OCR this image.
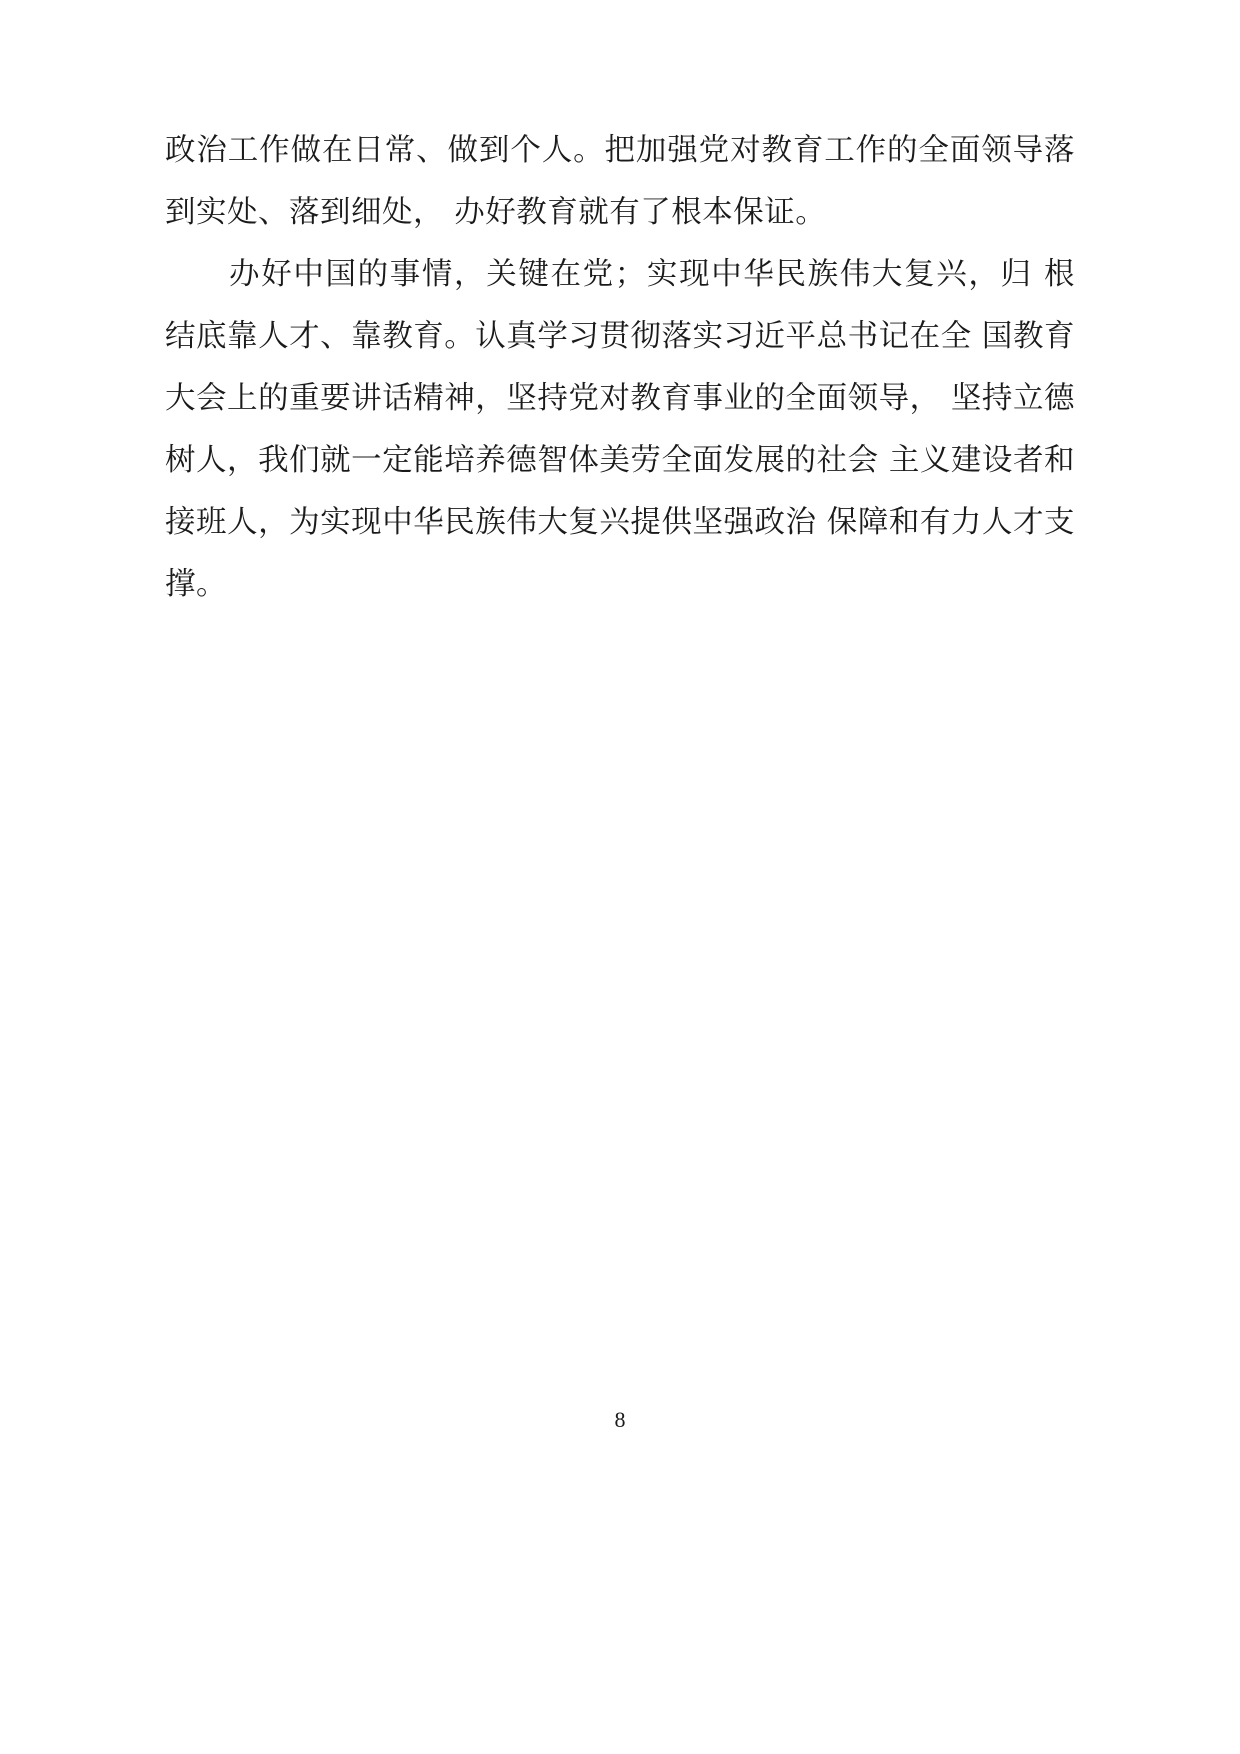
政治工作做在日常、做到个人。把加强党对教育工作的全面领导落到实处、落到细处， 办好教育就有了根本保证。

办好中国的事情，关键在党；实现中华民族伟大复兴，归 根结底靠人才、靠教育。认真学习贯彻落实习近平总书记在全 国教育大会上的重要讲话精神，坚持党对教育事业的全面领导， 坚持立德树人，我们就一定能培养德智体美劳全面发展的社会 主义建设者和接班人，为实现中华民族伟大复兴提供坚强政治 保障和有力人才支撑。

8
